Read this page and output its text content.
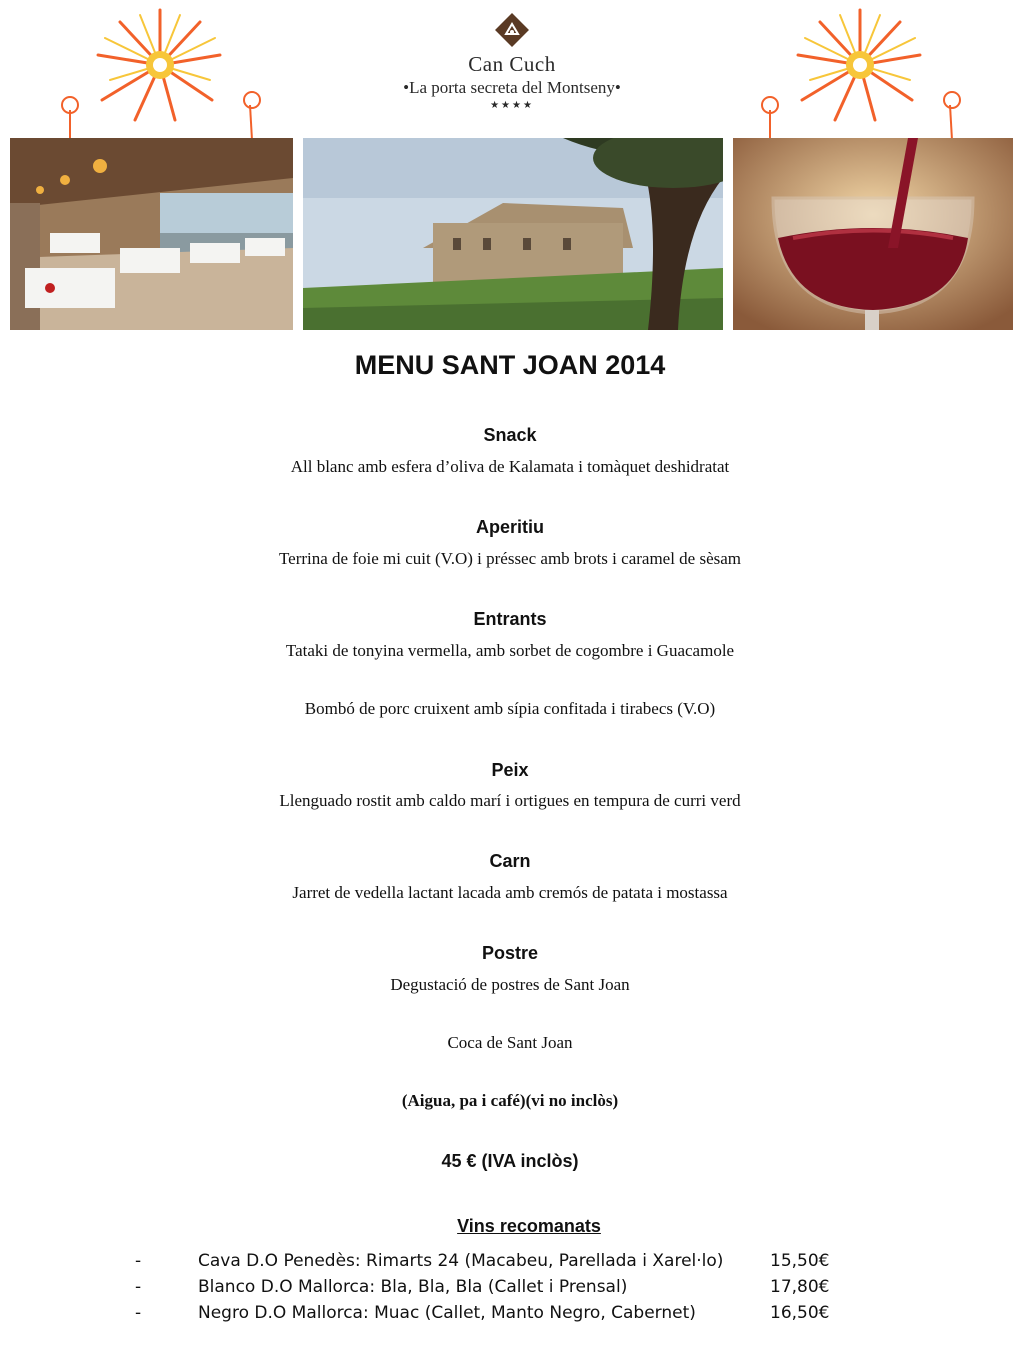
Can Cuch
•La porta secreta del Montseny•
★★★★
MENU SANT JOAN 2014
Snack
All blanc amb esfera d’oliva de Kalamata i tomàquet deshidratat
Aperitiu
Terrina de foie mi cuit (V.O) i préssec amb brots i caramel de sèsam
Entrants
Tataki de tonyina vermella, amb sorbet de cogombre i Guacamole
Bombó de porc cruixent amb sípia confitada i tirabecs (V.O)
Peix
Llenguado rostit amb caldo marí i ortigues en tempura de curri verd
Carn
Jarret de vedella lactant lacada amb cremós de patata i mostassa
Postre
Degustació de postres de Sant Joan
Coca de Sant Joan
(Aigua, pa i café)(vi no inclòs)
45 € (IVA inclòs)
Vins recomanats
-	Cava D.O Penedès: Rimarts 24 (Macabeu, Parellada i Xarel·lo)	15,50€
-	Blanco D.O Mallorca: Bla, Bla, Bla (Callet i Prensal)	17,80€
-	Negro D.O Mallorca: Muac (Callet, Manto Negro, Cabernet)	16,50€
